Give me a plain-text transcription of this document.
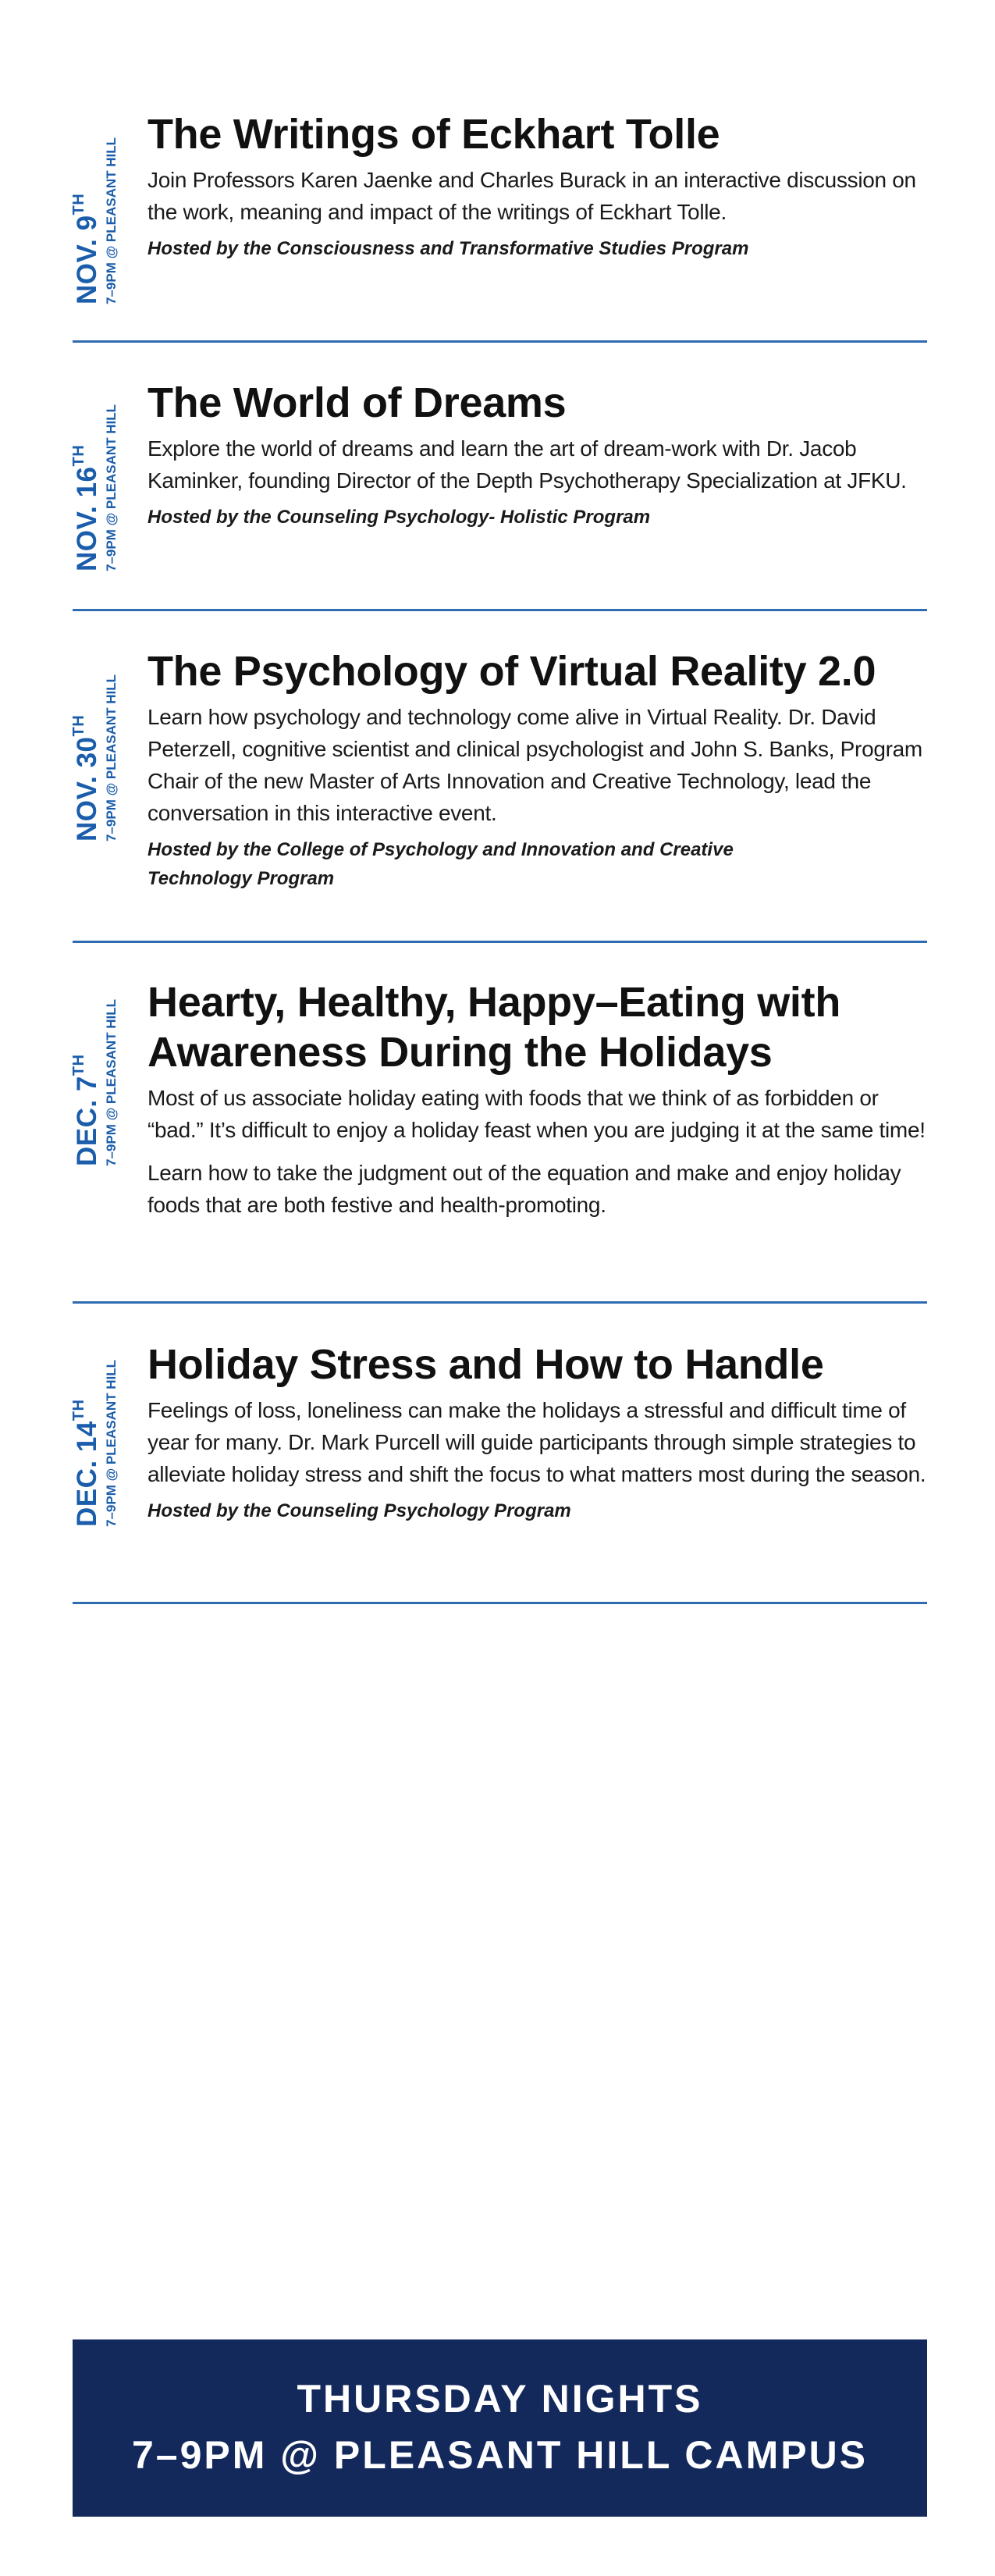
NOV. 9TH	7–9PM @ PLEASANT HILL
The Writings of Eckhart Tolle

Join Professors Karen Jaenke and Charles Burack in an interactive discussion on the work, meaning and impact of the writings of Eckhart Tolle.

Hosted by the Consciousness and Transformative Studies Program

NOV. 16TH	7–9PM @ PLEASANT HILL
The World of Dreams

Explore the world of dreams and learn the art of dream-work with Dr. Jacob Kaminker, founding Director of the Depth Psychotherapy Specialization at JFKU.

Hosted by the Counseling Psychology- Holistic Program

NOV. 30TH	7–9PM @ PLEASANT HILL
The Psychology of Virtual Reality 2.0

Learn how psychology and technology come alive in Virtual Reality. Dr. David Peterzell, cognitive scientist and clinical psychologist and John S. Banks, Program Chair of the new Master of Arts Innovation and Creative Technology, lead the conversation in this interactive event.

Hosted by the College of Psychology and Innovation and Creative Technology Program

DEC. 7TH	7–9PM @ PLEASANT HILL Hearty, Healthy, Happy–Eating with Awareness During the Holidays

Most of us associate holiday eating with foods that we think of as forbidden or “bad.” It’s difficult to enjoy a holiday feast when you are judging it at the same time!

Learn how to take the judgment out of the equation and make and enjoy holiday foods that are both festive and health-promoting.

DEC. 14TH	7–9PM @ PLEASANT HILL Holiday Stress and How to Handle

Feelings of loss, loneliness can make the holidays a stressful and difficult time of year for many. Dr. Mark Purcell will guide participants through simple strategies to alleviate holiday stress and shift the focus to what matters most during the season.

Hosted by the Counseling Psychology Program

THURSDAY NIGHTS
7–9PM @ PLEASANT HILL CAMPUS
